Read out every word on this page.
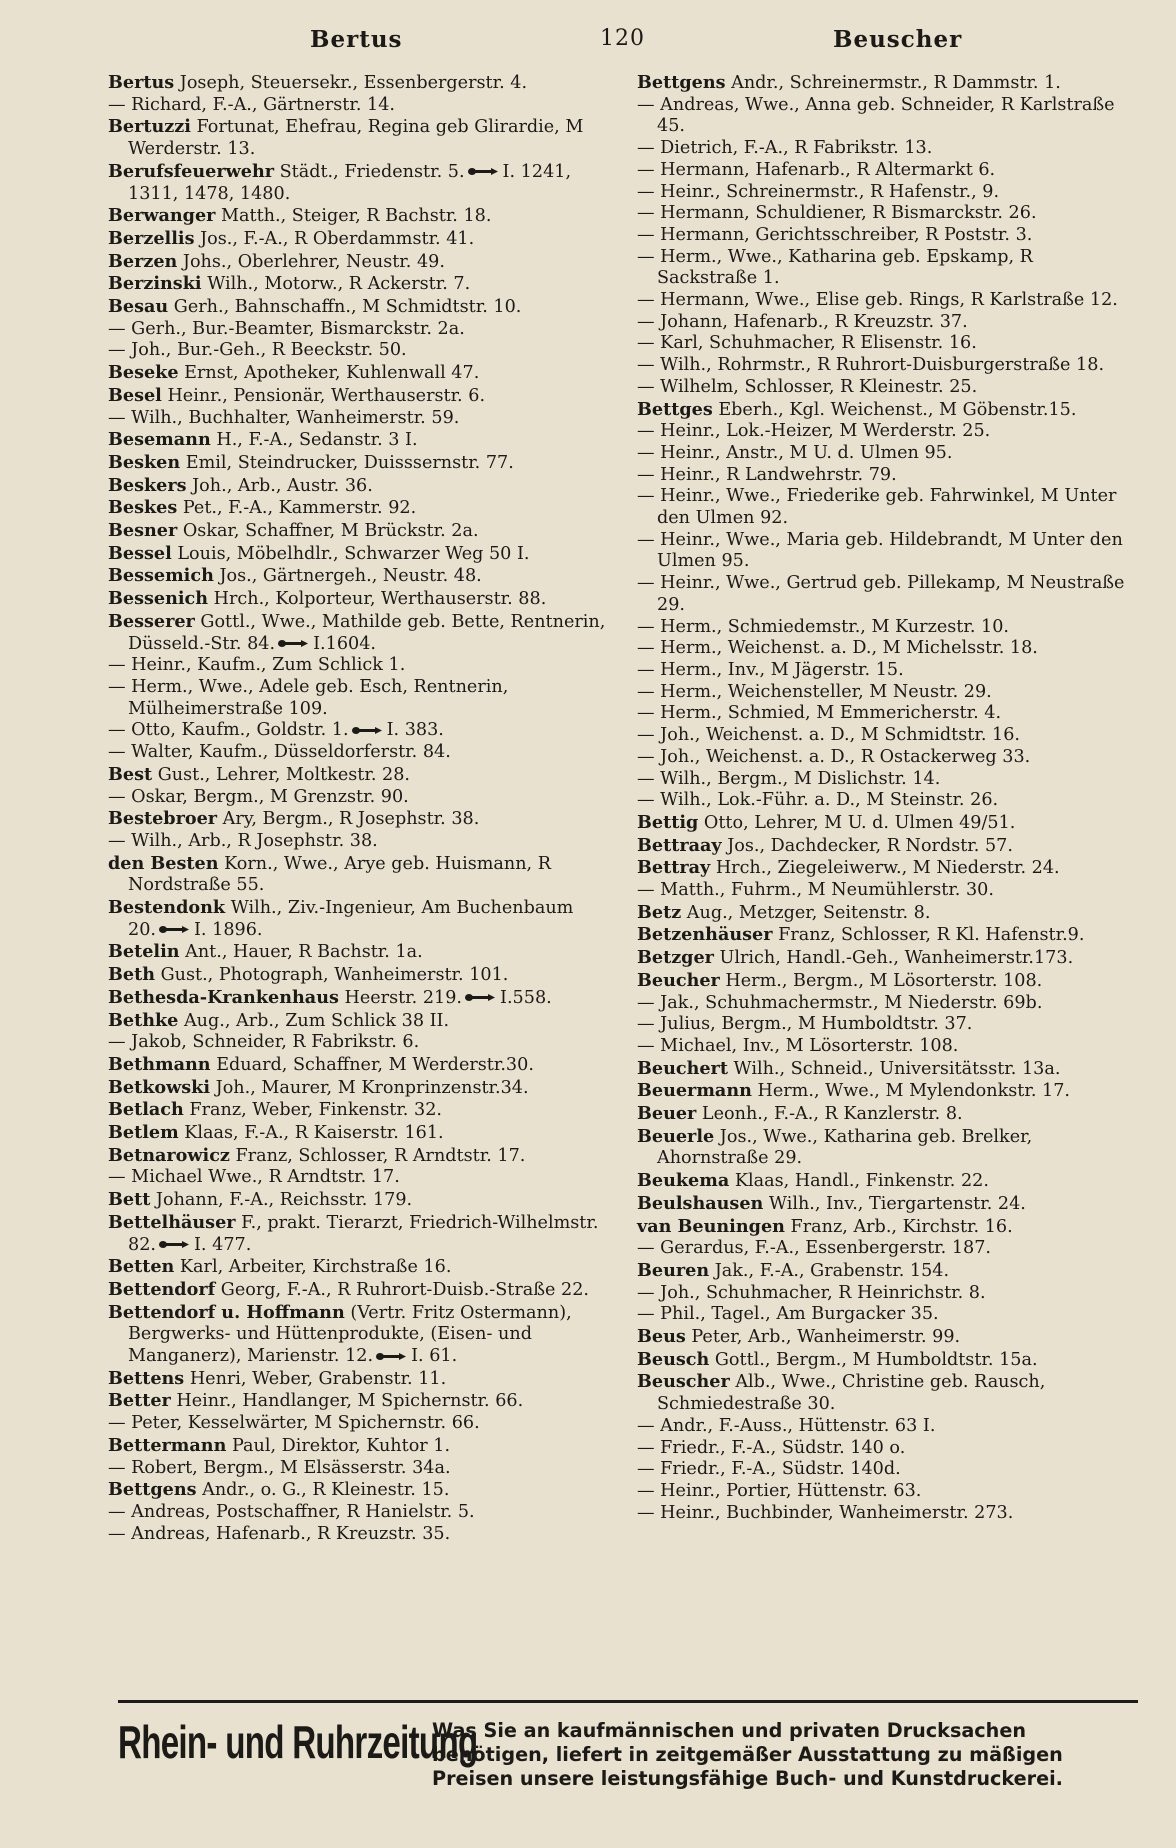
Bertus	120	Beuscher

Bertus Joseph, Steuersekr., Essenbergerstr. 4.

— Richard, F.-A., Gärtnerstr. 14.

Bertuzzi Fortunat, Ehefrau, Regina geb Glirardie, M Werderstr. 13.

Berufsfeuerwehr Städt., Friedenstr. 5. I. 1241, 1311, 1478, 1480.

Berwanger Matth., Steiger, R Bachstr. 18.

Berzellis Jos., F.-A., R Oberdammstr. 41.

Berzen Johs., Oberlehrer, Neustr. 49.

Berzinski Wilh., Motorw., R Ackerstr. 7.

Besau Gerh., Bahnschaffn., M Schmidtstr. 10.

— Gerh., Bur.-Beamter, Bismarckstr. 2a.

— Joh., Bur.-Geh., R Beeckstr. 50.

Beseke Ernst, Apotheker, Kuhlenwall 47.

Besel Heinr., Pensionär, Werthauserstr. 6.

— Wilh., Buchhalter, Wanheimerstr. 59.

Besemann H., F.-A., Sedanstr. 3 I.

Besken Emil, Steindrucker, Duisssernstr. 77.

Beskers Joh., Arb., Austr. 36.

Beskes Pet., F.-A., Kammerstr. 92.

Besner Oskar, Schaffner, M Brückstr. 2a.

Bessel Louis, Möbelhdlr., Schwarzer Weg 50 I.

Bessemich Jos., Gärtnergeh., Neustr. 48.

Bessenich Hrch., Kolporteur, Werthauserstr. 88.

Besserer Gottl., Wwe., Mathilde geb. Bette, Rentnerin, Düsseld.-Str. 84. I.1604.

— Heinr., Kaufm., Zum Schlick 1.

— Herm., Wwe., Adele geb. Esch, Rentnerin, Mülheimerstraße 109.

— Otto, Kaufm., Goldstr. 1. I. 383.

— Walter, Kaufm., Düsseldorferstr. 84.

Best Gust., Lehrer, Moltkestr. 28.

— Oskar, Bergm., M Grenzstr. 90.

Bestebroer Ary, Bergm., R Josephstr. 38.

— Wilh., Arb., R Josephstr. 38.

den Besten Korn., Wwe., Arye geb. Huismann, R Nordstraße 55.

Bestendonk Wilh., Ziv.-Ingenieur, Am Buchenbaum 20. I. 1896.

Betelin Ant., Hauer, R Bachstr. 1a.

Beth Gust., Photograph, Wanheimerstr. 101.

Bethesda-Krankenhaus Heerstr. 219. I.558.

Bethke Aug., Arb., Zum Schlick 38 II.

— Jakob, Schneider, R Fabrikstr. 6.

Bethmann Eduard, Schaffner, M Werderstr.30.

Betkowski Joh., Maurer, M Kronprinzenstr.34.

Betlach Franz, Weber, Finkenstr. 32.

Betlem Klaas, F.-A., R Kaiserstr. 161.

Betnarowicz Franz, Schlosser, R Arndtstr. 17.

— Michael Wwe., R Arndtstr. 17.

Bett Johann, F.-A., Reichsstr. 179.

Bettelhäuser F., prakt. Tierarzt, Friedrich-Wilhelmstr. 82. I. 477.

Betten Karl, Arbeiter, Kirchstraße 16.

Bettendorf Georg, F.-A., R Ruhrort-Duisb.-Straße 22.

Bettendorf u. Hoffmann (Vertr. Fritz Ostermann), Bergwerks- und Hüttenprodukte, (Eisen- und Manganerz), Marienstr. 12. I. 61.

Bettens Henri, Weber, Grabenstr. 11.

Better Heinr., Handlanger, M Spichernstr. 66.

— Peter, Kesselwärter, M Spichernstr. 66.

Bettermann Paul, Direktor, Kuhtor 1.

— Robert, Bergm., M Elsässerstr. 34a.

Bettgens Andr., o. G., R Kleinestr. 15.

— Andreas, Postschaffner, R Hanielstr. 5.

— Andreas, Hafenarb., R Kreuzstr. 35.

Bettgens Andr., Schreinermstr., R Dammstr. 1.

— Andreas, Wwe., Anna geb. Schneider, R Karlstraße 45.

— Dietrich, F.-A., R Fabrikstr. 13.

— Hermann, Hafenarb., R Altermarkt 6.

— Heinr., Schreinermstr., R Hafenstr., 9.

— Hermann, Schuldiener, R Bismarckstr. 26.

— Hermann, Gerichtsschreiber, R Poststr. 3.

— Herm., Wwe., Katharina geb. Epskamp, R Sackstraße 1.

— Hermann, Wwe., Elise geb. Rings, R Karlstraße 12.

— Johann, Hafenarb., R Kreuzstr. 37.

— Karl, Schuhmacher, R Elisenstr. 16.

— Wilh., Rohrmstr., R Ruhrort-Duisburgerstraße 18.

— Wilhelm, Schlosser, R Kleinestr. 25.

Bettges Eberh., Kgl. Weichenst., M Göbenstr.15.

— Heinr., Lok.-Heizer, M Werderstr. 25.

— Heinr., Anstr., M U. d. Ulmen 95.

— Heinr., R Landwehrstr. 79.

— Heinr., Wwe., Friederike geb. Fahrwinkel, M Unter den Ulmen 92.

— Heinr., Wwe., Maria geb. Hildebrandt, M Unter den Ulmen 95.

— Heinr., Wwe., Gertrud geb. Pillekamp, M Neustraße 29.

— Herm., Schmiedemstr., M Kurzestr. 10.

— Herm., Weichenst. a. D., M Michelsstr. 18.

— Herm., Inv., M Jägerstr. 15.

— Herm., Weichensteller, M Neustr. 29.

— Herm., Schmied, M Emmericherstr. 4.

— Joh., Weichenst. a. D., M Schmidtstr. 16.

— Joh., Weichenst. a. D., R Ostackerweg 33.

— Wilh., Bergm., M Dislichstr. 14.

— Wilh., Lok.-Führ. a. D., M Steinstr. 26.

Bettig Otto, Lehrer, M U. d. Ulmen 49/51.

Bettraay Jos., Dachdecker, R Nordstr. 57.

Bettray Hrch., Ziegeleiwerw., M Niederstr. 24.

— Matth., Fuhrm., M Neumühlerstr. 30.

Betz Aug., Metzger, Seitenstr. 8.

Betzenhäuser Franz, Schlosser, R Kl. Hafenstr.9.

Betzger Ulrich, Handl.-Geh., Wanheimerstr.173.

Beucher Herm., Bergm., M Lösorterstr. 108.

— Jak., Schuhmachermstr., M Niederstr. 69b.

— Julius, Bergm., M Humboldtstr. 37.

— Michael, Inv., M Lösorterstr. 108.

Beuchert Wilh., Schneid., Universitätsstr. 13a.

Beuermann Herm., Wwe., M Mylendonkstr. 17.

Beuer Leonh., F.-A., R Kanzlerstr. 8.

Beuerle Jos., Wwe., Katharina geb. Brelker, Ahornstraße 29.

Beukema Klaas, Handl., Finkenstr. 22.

Beulshausen Wilh., Inv., Tiergartenstr. 24.

van Beuningen Franz, Arb., Kirchstr. 16.

— Gerardus, F.-A., Essenbergerstr. 187.

Beuren Jak., F.-A., Grabenstr. 154.

— Joh., Schuhmacher, R Heinrichstr. 8.

— Phil., Tagel., Am Burgacker 35.

Beus Peter, Arb., Wanheimerstr. 99.

Beusch Gottl., Bergm., M Humboldtstr. 15a.

Beuscher Alb., Wwe., Christine geb. Rausch, Schmiedestraße 30.

— Andr., F.-Auss., Hüttenstr. 63 I.

— Friedr., F.-A., Südstr. 140 o.

— Friedr., F.-A., Südstr. 140d.

— Heinr., Portier, Hüttenstr. 63.

— Heinr., Buchbinder, Wanheimerstr. 273.

Rhein- und Ruhrzeitung
Was Sie an kaufmännischen und privaten Drucksachen benötigen, liefert in zeitgemäßer Ausstattung zu mäßigen Preisen unsere leistungsfähige Buch- und Kunstdruckerei.
